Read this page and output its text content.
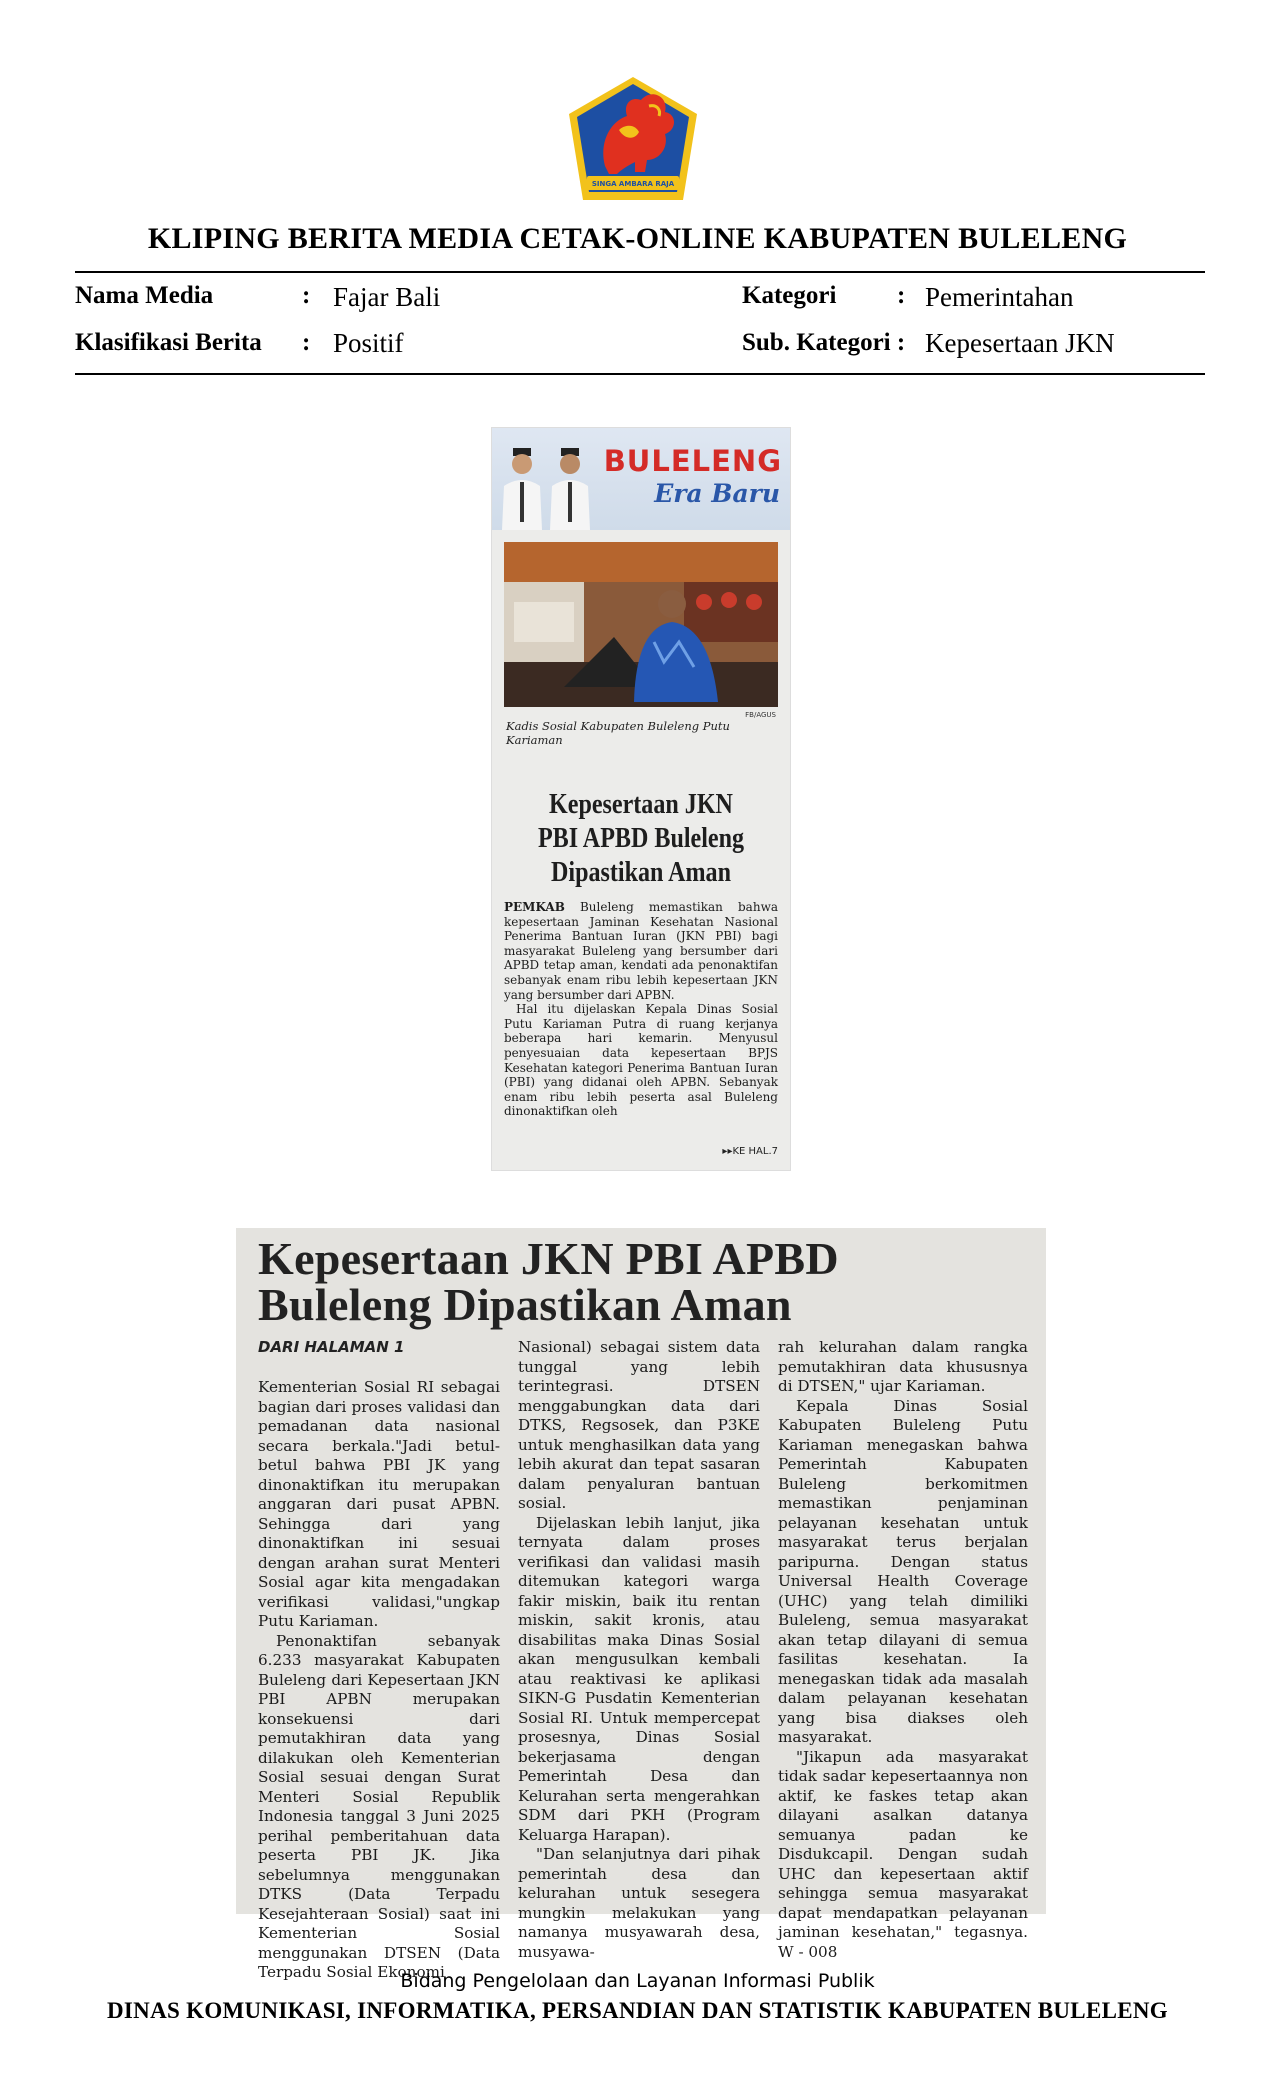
SINGA AMBARA RAJA
KLIPING BERITA MEDIA CETAK-ONLINE KABUPATEN BULELENG
Nama Media	: Fajar Bali
Klasifikasi Berita : Positif
Kategori : Pemerintahan
Sub. Kategori : Kepesertaan JKN
BULELENG
Era Baru
FB/AGUS
Kadis Sosial Kabupaten Buleleng Putu Kariaman
Kepesertaan JKN
PBI APBD Buleleng
Dipastikan Aman

PEMKAB Buleleng memastikan bahwa kepesertaan Jaminan Kesehatan Nasional Penerima Bantuan Iuran (JKN PBI) bagi masyarakat Buleleng yang bersumber dari APBD tetap aman, kendati ada penonaktifan sebanyak enam ribu lebih kepesertaan JKN yang bersumber dari APBN.

Hal itu dijelaskan Kepala Dinas Sosial Putu Kariaman Putra di ruang kerjanya beberapa hari kemarin. Menyusul penyesuaian data kepesertaan BPJS Kesehatan kategori Penerima Bantuan Iuran (PBI) yang didanai oleh APBN. Sebanyak enam ribu lebih peserta asal Buleleng dinonaktifkan oleh

▸▸KE HAL.7
Kepesertaan JKN PBI APBD
Buleleng Dipastikan Aman
DARI HALAMAN 1

Kementerian Sosial RI sebagai bagian dari proses validasi dan pemadanan data nasional secara berkala."Jadi betul-betul bahwa PBI JK yang dinonaktifkan itu merupakan anggaran dari pusat APBN. Sehingga dari yang dinonaktifkan ini sesuai dengan arahan surat Menteri Sosial agar kita mengadakan verifikasi validasi,"ungkap Putu Kariaman.

Penonaktifan sebanyak 6.233 masyarakat Kabupaten Buleleng dari Kepesertaan JKN PBI APBN merupakan konsekuensi dari pemutakhiran data yang dilakukan oleh Kementerian Sosial sesuai dengan Surat Menteri Sosial Republik Indonesia tanggal 3 Juni 2025 perihal pemberitahuan data peserta PBI JK. Jika sebelumnya menggunakan DTKS (Data Terpadu Kesejahteraan Sosial) saat ini Kementerian Sosial menggunakan DTSEN (Data Terpadu Sosial Ekonomi

Nasional) sebagai sistem data tunggal yang lebih terintegrasi. DTSEN menggabungkan data dari DTKS, Regsosek, dan P3KE untuk menghasilkan data yang lebih akurat dan tepat sasaran dalam penyaluran bantuan sosial.

Dijelaskan lebih lanjut, jika ternyata dalam proses verifikasi dan validasi masih ditemukan kategori warga fakir miskin, baik itu rentan miskin, sakit kronis, atau disabilitas maka Dinas Sosial akan mengusulkan kembali atau reaktivasi ke aplikasi SIKN-G Pusdatin Kementerian Sosial RI. Untuk mempercepat prosesnya, Dinas Sosial bekerjasama dengan Pemerintah Desa dan Kelurahan serta mengerahkan SDM dari PKH (Program Keluarga Harapan).

"Dan selanjutnya dari pihak pemerintah desa dan kelurahan untuk sesegera mungkin melakukan yang namanya musyawarah desa, musyawa-

rah kelurahan dalam rangka pemutakhiran data khususnya di DTSEN," ujar Kariaman.

Kepala Dinas Sosial Kabupaten Buleleng Putu Kariaman menegaskan bahwa Pemerintah Kabupaten Buleleng berkomitmen memastikan penjaminan pelayanan kesehatan untuk masyarakat terus berjalan paripurna. Dengan status Universal Health Coverage (UHC) yang telah dimiliki Buleleng, semua masyarakat akan tetap dilayani di semua fasilitas kesehatan. Ia menegaskan tidak ada masalah dalam pelayanan kesehatan yang bisa diakses oleh masyarakat.

"Jikapun ada masyarakat tidak sadar kepesertaannya non aktif, ke faskes tetap akan dilayani asalkan datanya semuanya padan ke Disdukcapil. Dengan sudah UHC dan kepesertaan aktif sehingga semua masyarakat dapat mendapatkan pelayanan jaminan kesehatan," tegasnya. W - 008

Bidang Pengelolaan dan Layanan Informasi Publik
DINAS KOMUNIKASI, INFORMATIKA, PERSANDIAN DAN STATISTIK KABUPATEN BULELENG
